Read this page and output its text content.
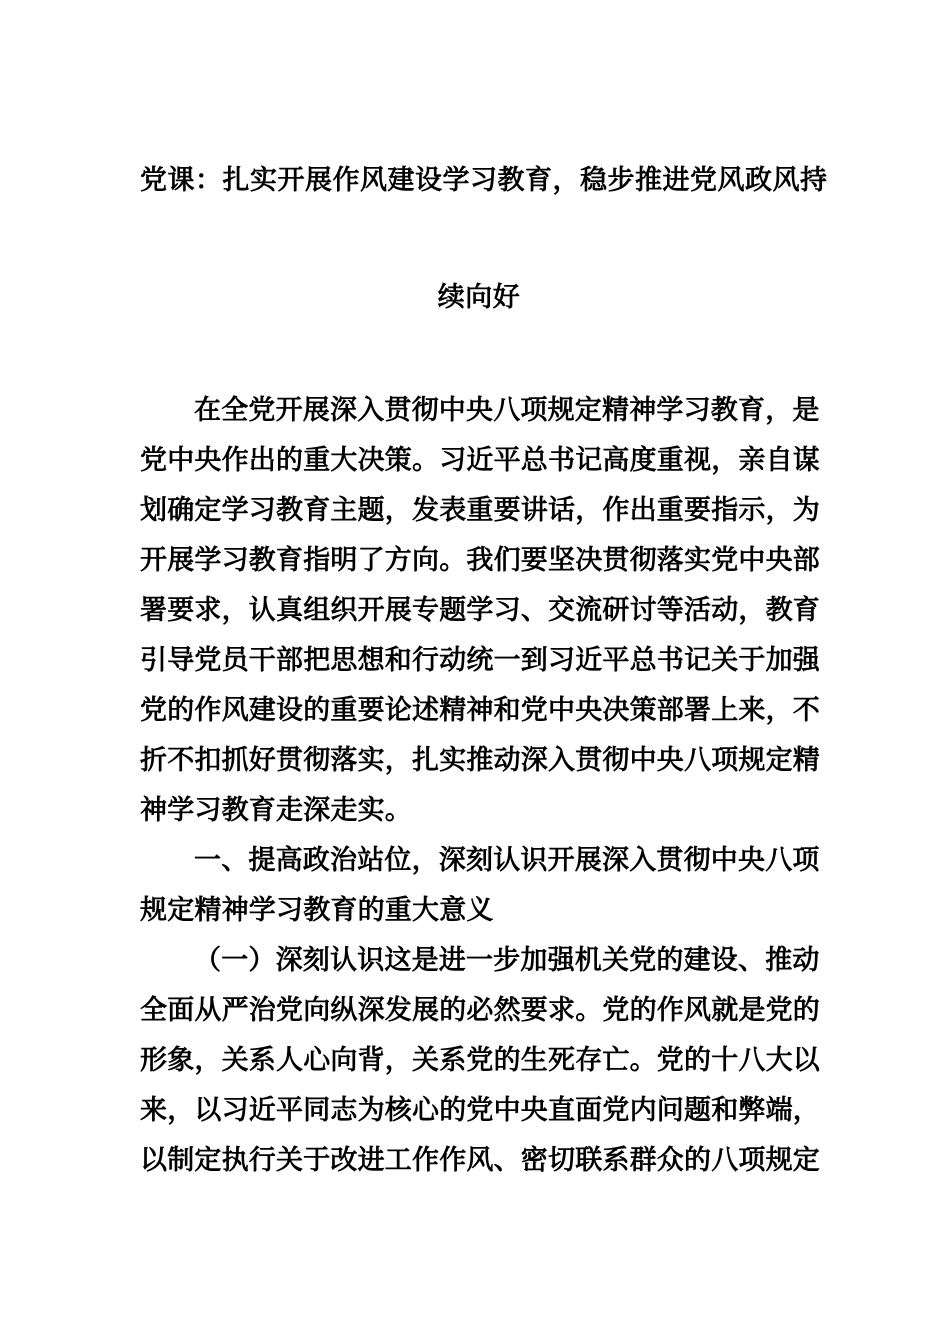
党课：扎实开展作风建设学习教育，稳步推进党风政风持
续向好
在全党开展深入贯彻中央八项规定精神学习教育，是
党中央作出的重大决策。习近平总书记高度重视，亲自谋
划确定学习教育主题，发表重要讲话，作出重要指示，为
开展学习教育指明了方向。我们要坚决贯彻落实党中央部
署要求，认真组织开展专题学习、交流研讨等活动，教育
引导党员干部把思想和行动统一到习近平总书记关于加强
党的作风建设的重要论述精神和党中央决策部署上来，不
折不扣抓好贯彻落实，扎实推动深入贯彻中央八项规定精
神学习教育走深走实。
一、提高政治站位，深刻认识开展深入贯彻中央八项
规定精神学习教育的重大意义
（一）深刻认识这是进一步加强机关党的建设、推动
全面从严治党向纵深发展的必然要求。党的作风就是党的
形象，关系人心向背，关系党的生死存亡。党的十八大以
来，以习近平同志为核心的党中央直面党内问题和弊端，
以制定执行关于改进工作作风、密切联系群众的八项规定
